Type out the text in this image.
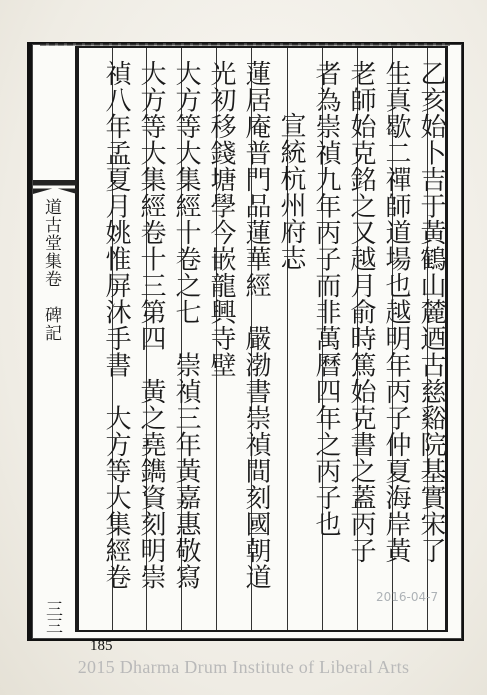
乙亥始卜吉于黃鶴山麓迺古慈谿院基實宋了
生真歇二禪師道場也越明年丙子仲夏海岸黃
老師始克銘之又越月俞時篤始克書之蓋丙子
者為崇禎九年丙子而非萬曆四年之丙子也
宣統杭州府志
蓮居庵普門品蓮華經　嚴渤書崇禎間刻國朝道
光初移錢塘學今嵌龍興寺壁
大方等大集經十卷之七　崇禎三年黃嘉惠敬寫
大方等大集經卷十三第四　黃之堯鐫資刻明崇
禎八年孟夏月姚惟屏沐手書　大方等大集經卷
道古堂集卷　碑記
三三
2016-04-7
185
2015 Dharma Drum Institute of Liberal Arts
